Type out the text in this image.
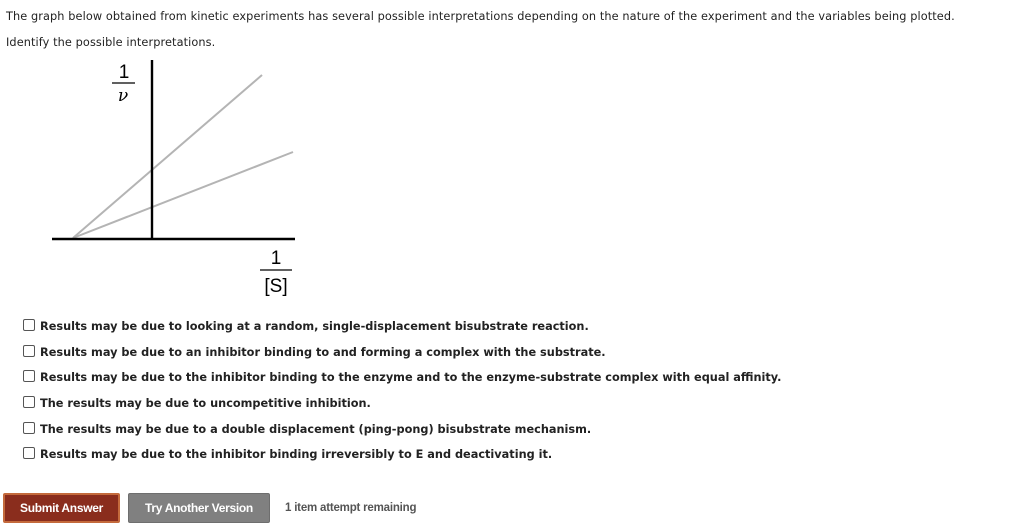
The graph below obtained from kinetic experiments has several possible interpretations depending on the nature of the experiment and the variables being plotted.

Identify the possible interpretations.

1
ν
1
[S]
Results may be due to looking at a random, single-displacement bisubstrate reaction.
Results may be due to an inhibitor binding to and forming a complex with the substrate.
Results may be due to the inhibitor binding to the enzyme and to the enzyme-substrate complex with equal affinity.
The results may be due to uncompetitive inhibition.
The results may be due to a double displacement (ping-pong) bisubstrate mechanism.
Results may be due to the inhibitor binding irreversibly to E and deactivating it.
Submit Answer	Try Another Version	1 item attempt remaining
